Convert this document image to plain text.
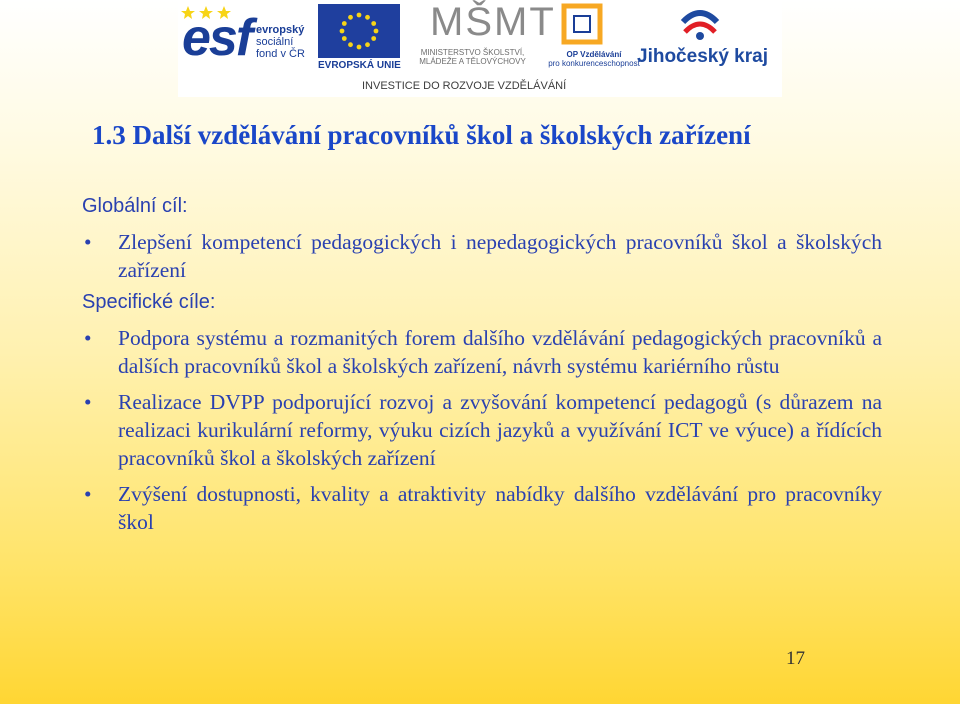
esf evropský
sociální
fond v ČR
EVROPSKÁ UNIE
MŠMT
MINISTERSTVO ŠKOLSTVÍ,
MLÁDEŽE A TĚLOVÝCHOVY
OP Vzdělávání
pro konkurenceschopnost
Jihočeský kraj
INVESTICE DO ROZVOJE VZDĚLÁVÁNÍ
1.3 Další vzdělávání pracovníků škol a školských zařízení

Globální cíl:

• Zlepšení kompetencí pedagogických i nepedagogických pracovníků škol a školských zařízení

Specifické cíle:

• Podpora systému a rozmanitých forem dalšího vzdělávání pedagogických pracovníků a dalších pracovníků škol a školských zařízení, návrh systému kariérního růstu
• Realizace DVPP podporující rozvoj a zvyšování kompetencí pedagogů (s důrazem na realizaci kurikulární reformy, výuku cizích jazyků a využívání ICT ve výuce) a řídících pracovníků škol a školských zařízení
• Zvýšení dostupnosti, kvality a atraktivity nabídky dalšího vzdělávání pro pracovníky škol
17
